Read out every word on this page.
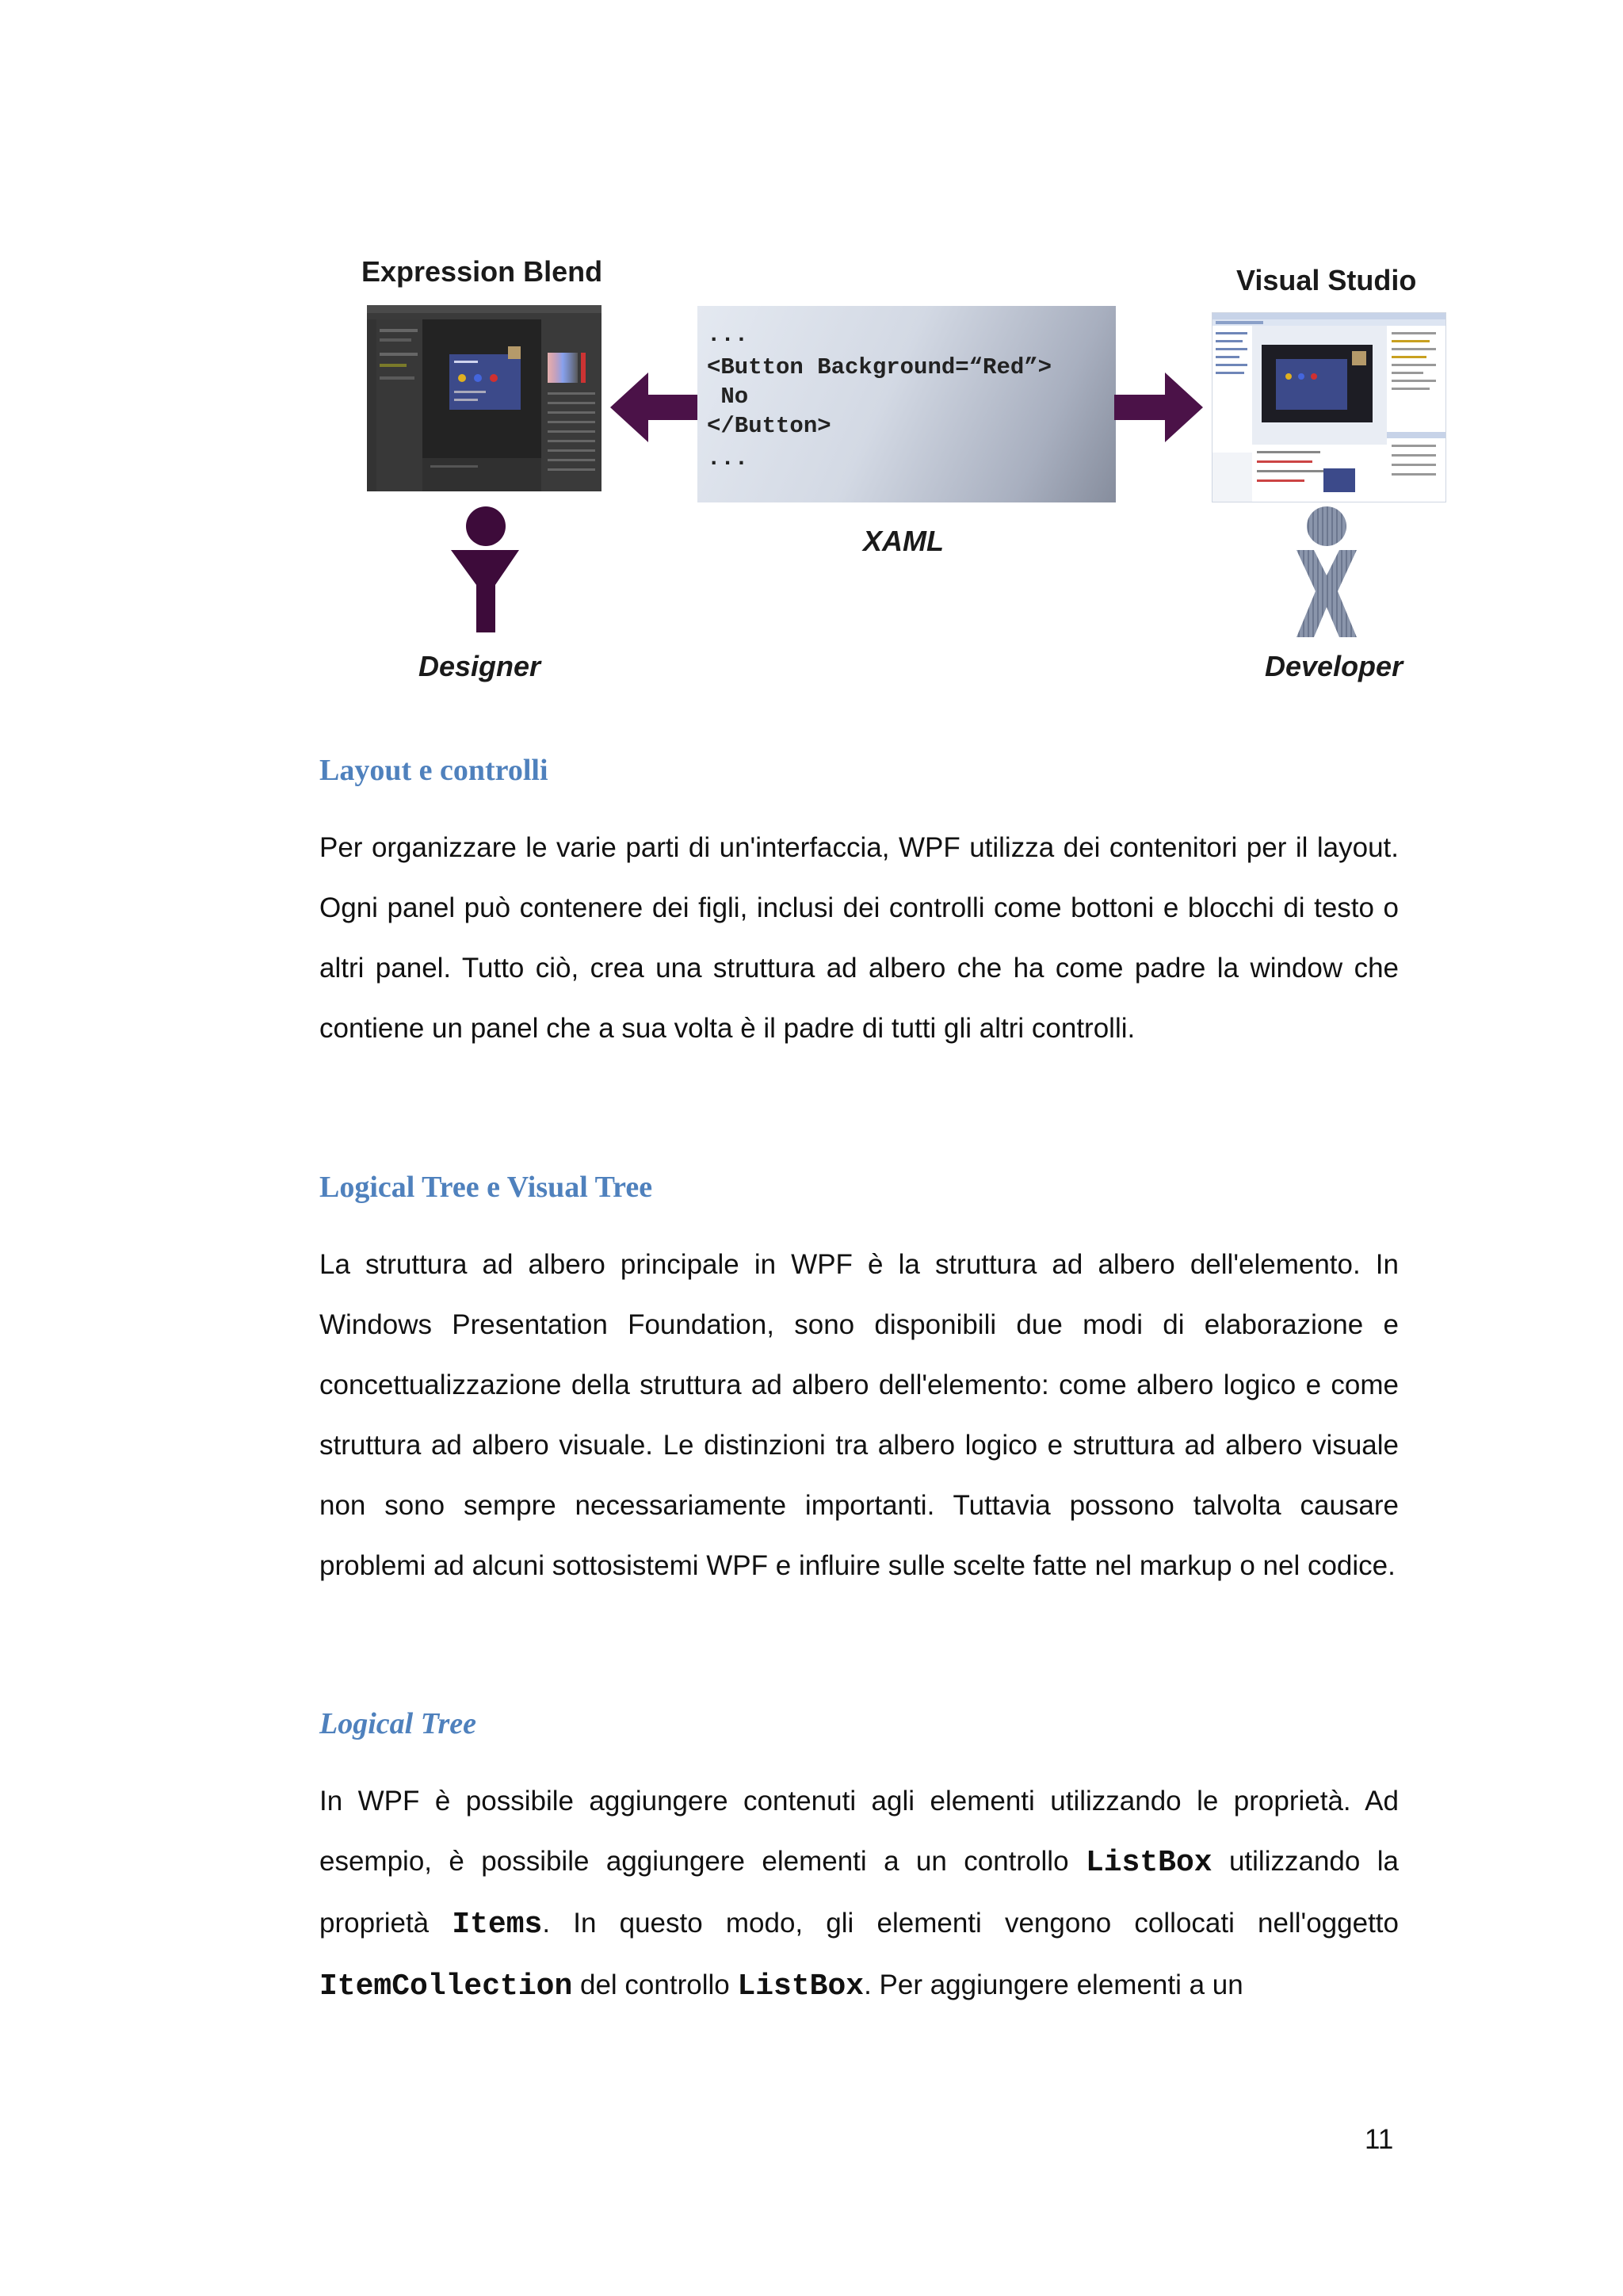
Expression Blend	Visual Studio
...
<Button Background=“Red”>
No
</Button>
...
XAML
Designer	Developer
Layout e controlli
Per organizzare le varie parti di un'interfaccia, WPF utilizza dei contenitori per il layout. Ogni panel può contenere dei figli, inclusi dei controlli come bottoni e blocchi di testo o altri panel. Tutto ciò, crea una struttura ad albero che ha come padre la window che contiene un panel che a sua volta è il padre di tutti gli altri controlli.
Logical Tree e Visual Tree
La struttura ad albero principale in WPF è la struttura ad albero dell'elemento. In Windows Presentation Foundation, sono disponibili due modi di elaborazione e concettualizzazione della struttura ad albero dell'elemento: come albero logico e come struttura ad albero visuale. Le distinzioni tra albero logico e struttura ad albero visuale non sono sempre necessariamente importanti. Tuttavia possono talvolta causare problemi ad alcuni sottosistemi WPF e influire sulle scelte fatte nel markup o nel codice.
Logical Tree
In WPF è possibile aggiungere contenuti agli elementi utilizzando le proprietà. Ad esempio, è possibile aggiungere elementi a un controllo ListBox utilizzando la proprietà Items. In questo modo, gli elementi vengono collocati nell'oggetto ItemCollection del controllo ListBox. Per aggiungere elementi a un
11
